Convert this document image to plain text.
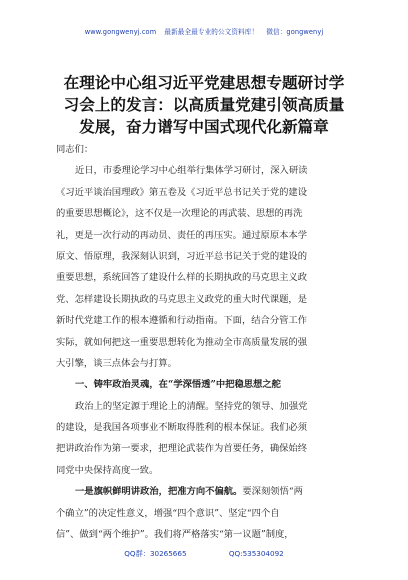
www.gongwenyj.com 最新最全最专业的公文资料库！ 微信：gongwenyj
在理论中心组习近平党建思想专题研讨学
习会上的发言：以高质量党建引领高质量
发展，奋力谱写中国式现代化新篇章
同志们：
近日，市委理论学习中心组举行集体学习研讨，深入研读
《习近平谈治国理政》第五卷及《习近平总书记关于党的建设
的重要思想概论》，这不仅是一次理论的再武装、思想的再洗
礼，更是一次行动的再动员、责任的再压实。通过原原本本学
原文、悟原理，我深刻认识到，习近平总书记关于党的建设的
重要思想，系统回答了建设什么样的长期执政的马克思主义政
党、怎样建设长期执政的马克思主义政党的重大时代课题，是
新时代党建工作的根本遵循和行动指南。下面，结合分管工作
实际，就如何把这一重要思想转化为推动全市高质量发展的强
大引擎，谈三点体会与打算。
一、铸牢政治灵魂，在“学深悟透”中把稳思想之舵
政治上的坚定源于理论上的清醒。坚持党的领导、加强党
的建设，是我国各项事业不断取得胜利的根本保证。我们必须
把讲政治作为第一要求，把理论武装作为首要任务，确保始终
同党中央保持高度一致。
一是旗帜鲜明讲政治，把准方向不偏航。要深刻领悟“两
个确立”的决定性意义，增强“四个意识”、坚定“四个自
信”、做到“两个维护”。我们将严格落实“第一议题”制度，
QQ群：30265665	QQ:535304092
